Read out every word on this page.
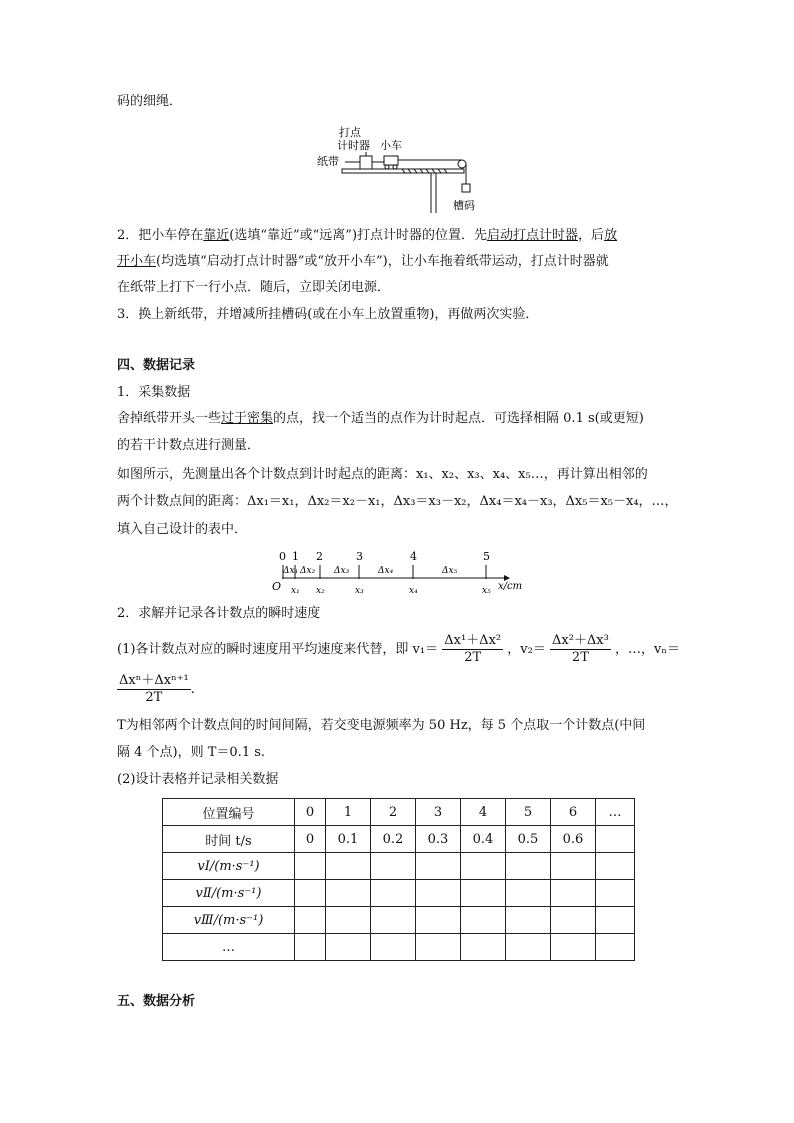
码的细绳．
打点
计时器 小车
纸带
槽码
2．把小车停在靠近(选填“靠近”或“远离”)打点计时器的位置．先启动打点计时器，后放
开小车(均选填“启动打点计时器”或“放开小车”)，让小车拖着纸带运动，打点计时器就
在纸带上打下一行小点．随后，立即关闭电源．
3．换上新纸带，并增减所挂槽码(或在小车上放置重物)，再做两次实验．
四、数据记录
1．采集数据
舍掉纸带开头一些过于密集的点，找一个适当的点作为计时起点．可选择相隔 0.1 s(或更短)
的若干计数点进行测量．
如图所示，先测量出各个计数点到计时起点的距离：x₁、x₂、x₃、x₄、x₅…，再计算出相邻的
两个计数点间的距离：Δx₁＝x₁，Δx₂＝x₂－x₁，Δx₃＝x₃－x₂，Δx₄＝x₄－x₃，Δx₅＝x₅－x₄，…，
填入自己设计的表中．
x/cm
O
0 1 2	3	4	5
Δx₁ Δx₂ Δx₃	Δx₄	Δx₅
x₁ x₂	x₃	x₄	x₅
2．求解并记录各计数点的瞬时速度
(1)各计数点对应的瞬时速度用平均速度来代替，即 $v_1= \frac{\text{Δx¹＋Δx²}}{2T}$ ，$v_2= \frac{\text{Δx²＋Δx³}}{2T}$ ，…，vₙ＝
$\frac{\text{Δxⁿ＋Δxⁿ⁺¹}}{2T}$ .
T为相邻两个计数点间的时间间隔，若交变电源频率为 50 Hz，每 5 个点取一个计数点(中间
隔 4 个点)，则 T＝0.1 s.
(2)设计表格并记录相关数据
位置编号	0	1	2	3	4	5	6	…
时间 t/s	0	0.1	0.2	0.3	0.4	0.5	0.6	
vⅠ/(m·s⁻¹)								
vⅡ/(m·s⁻¹)								
vⅢ/(m·s⁻¹)								
…								
五、数据分析
